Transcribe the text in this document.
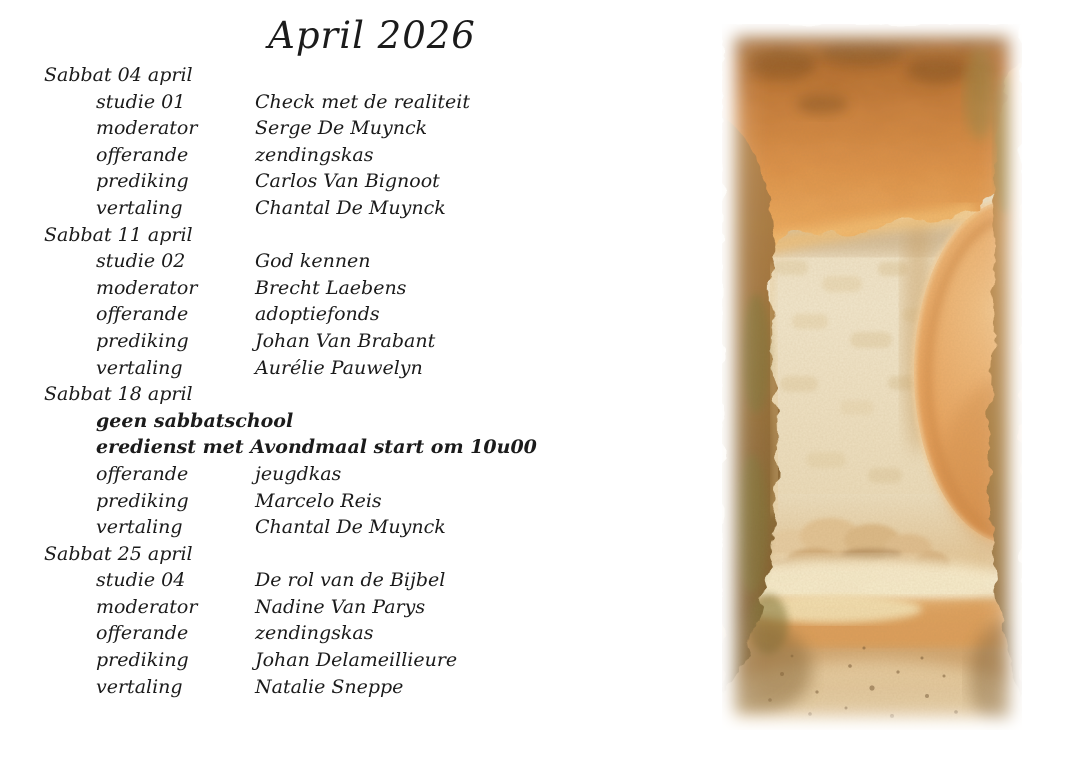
April 2026
Sabbat 04 april
studie 01	Check met de realiteit
moderator	Serge De Muynck
offerande	zendingskas
prediking	Carlos Van Bignoot
vertaling	Chantal De Muynck
Sabbat 11 april
studie 02	God kennen
moderator	Brecht Laebens
offerande	adoptiefonds
prediking	Johan Van Brabant
vertaling	Aurélie Pauwelyn
Sabbat 18 april
geen sabbatschool
eredienst met Avondmaal start om 10u00
offerande	jeugdkas
prediking	Marcelo Reis
vertaling	Chantal De Muynck
Sabbat 25 april
studie 04	De rol van de Bijbel
moderator	Nadine Van Parys
offerande	zendingskas
prediking	Johan Delameillieure
vertaling	Natalie Sneppe
